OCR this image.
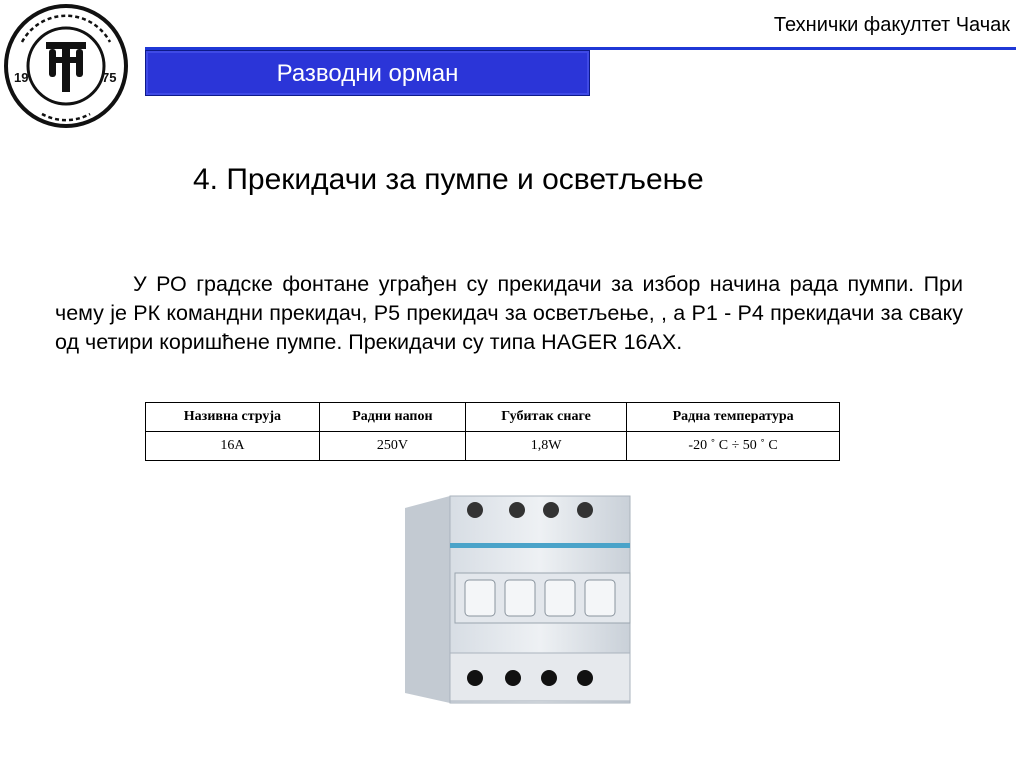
19	75
Технички факултет Чачак
Разводни орман
4. Прекидачи за пумпе и осветљење
У РО градске фонтане уграђен су прекидачи за избор начина рада пумпи. При чему је РК командни прекидач, Р5 прекидач за осветљење, , а Р1 - Р4 прекидачи за сваку од четири коришћене пумпе. Прекидачи су типа HAGER 16AX.
Називна струја	Радни напон	Губитак снаге	Радна температура
16A	250V	1,8W	-20 ˚ C ÷ 50 ˚ C
